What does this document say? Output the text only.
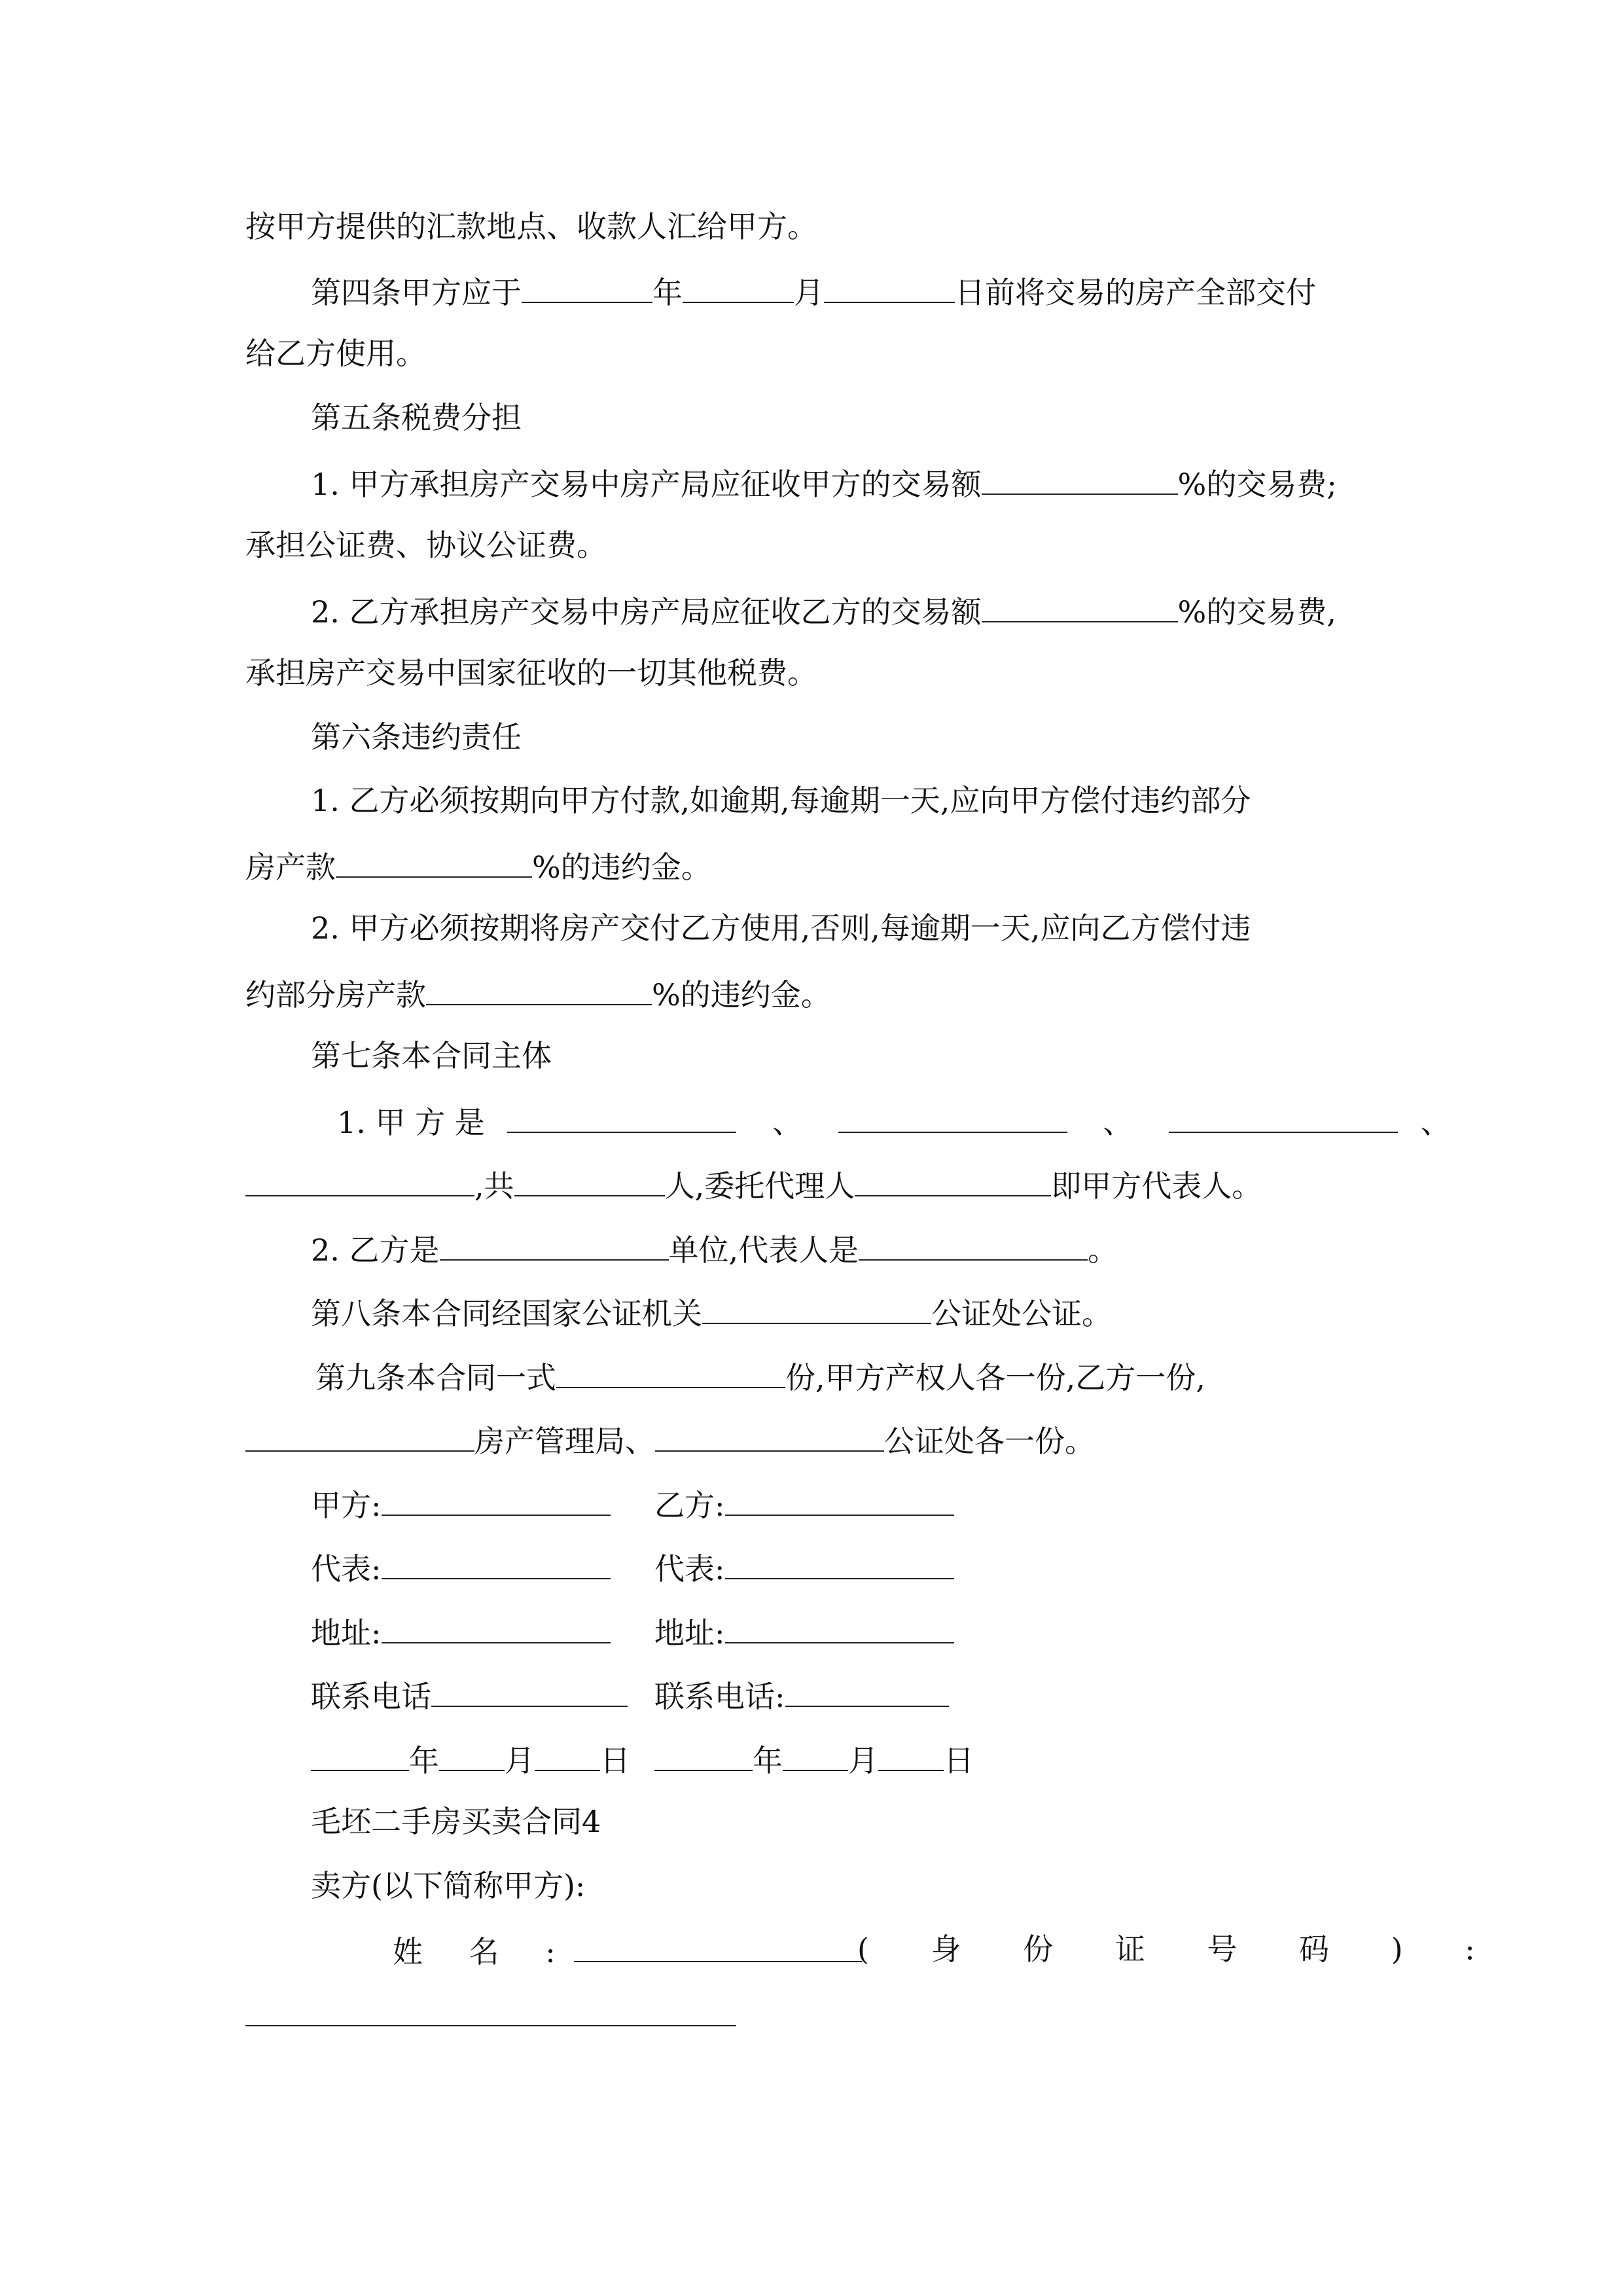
按甲方提供的汇款地点、收款人汇给甲方。
第四条甲方应于	年	月	日前将交易的房产全部交付
给乙方使用。
第五条税费分担
1. 甲方承担房产交易中房产局应征收甲方的交易额	%的交易费;
承担公证费、协议公证费。
2. 乙方承担房产交易中房产局应征收乙方的交易额	%的交易费,
承担房产交易中国家征收的一切其他税费。
第六条违约责任
1. 乙方必须按期向甲方付款,如逾期,每逾期一天,应向甲方偿付违约部分
房产款	%的违约金。
2. 甲方必须按期将房产交付乙方使用,否则,每逾期一天,应向乙方偿付违
约部分房产款	%的违约金。
第七条本合同主体
1. 甲 方 是	、	、	、
,共	人,委托代理人	即甲方代表人。
2. 乙方是	单位,代表人是	。
第八条本合同经国家公证机关	公证处公证。
第九条本合同一式	份,甲方产权人各一份,乙方一份,
房产管理局、	公证处各一份。
甲方:	乙方:
代表:	代表:
地址:	地址:
联系电话	联系电话:
年 月 日	年 月 日
毛坯二手房买卖合同4
卖方(以下简称甲方):
姓 名 :	( 身 份 证 号 码 ) :
